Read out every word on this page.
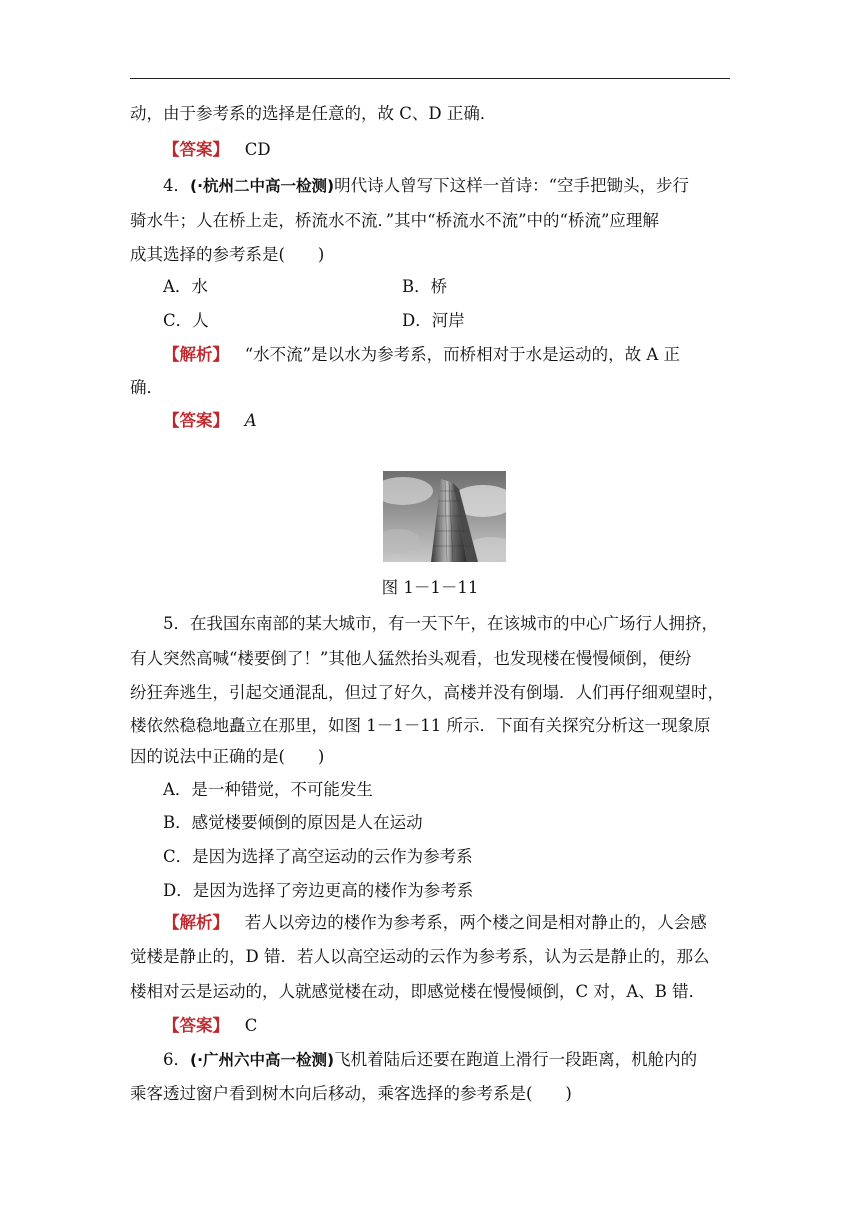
动，由于参考系的选择是任意的，故 C、D 正确．
【答案】 CD
4．(·杭州二中高一检测)明代诗人曾写下这样一首诗：“空手把锄头，步行
骑水牛；人在桥上走，桥流水不流．”其中“桥流水不流”中的“桥流”应理解
成其选择的参考系是(　　)
A．水	B．桥
C．人	D．河岸
【解析】 “水不流”是以水为参考系，而桥相对于水是运动的，故 A 正
确．
【答案】 A
图 1－1－11
5．在我国东南部的某大城市，有一天下午，在该城市的中心广场行人拥挤，
有人突然高喊“楼要倒了！”其他人猛然抬头观看，也发现楼在慢慢倾倒，便纷
纷狂奔逃生，引起交通混乱，但过了好久，高楼并没有倒塌．人们再仔细观望时，
楼依然稳稳地矗立在那里，如图 1－1－11 所示．下面有关探究分析这一现象原
因的说法中正确的是(　　)
A．是一种错觉，不可能发生
B．感觉楼要倾倒的原因是人在运动
C．是因为选择了高空运动的云作为参考系
D．是因为选择了旁边更高的楼作为参考系
【解析】 若人以旁边的楼作为参考系，两个楼之间是相对静止的，人会感
觉楼是静止的，D 错．若人以高空运动的云作为参考系，认为云是静止的，那么
楼相对云是运动的，人就感觉楼在动，即感觉楼在慢慢倾倒，C 对，A、B 错．
【答案】 C
6．(·广州六中高一检测)飞机着陆后还要在跑道上滑行一段距离，机舱内的
乘客透过窗户看到树木向后移动，乘客选择的参考系是(　　)
